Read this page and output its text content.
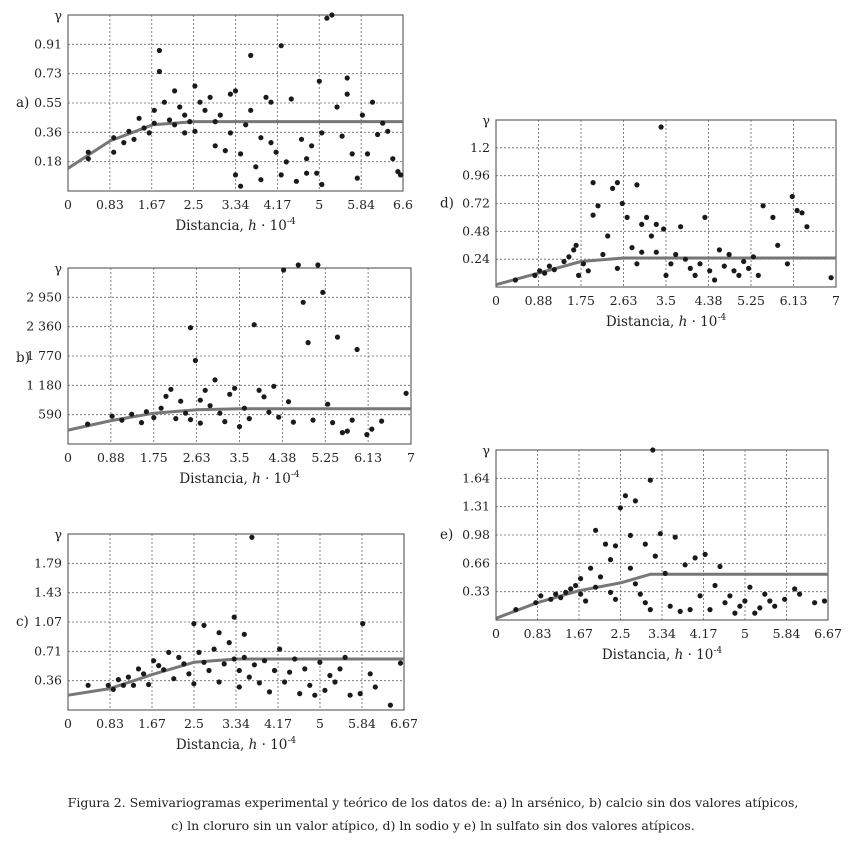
0 0.83 1.67 2.5 3.34 4.17 5 5.84 6.6
0.18
0.36
0.55
0.73
0.91
γ
a)
Distancia, $h \cdot 10^{-4}$
0 0.88 1.75 2.63 3.5 4.38 5.25 6.13 7
590
1 180
1 770
2 360
2 950
γ
b)
Distancia, $h \cdot 10^{-4}$
0 0.83 1.67 2.5 3.34 4.17 5 5.84 6.67
0.36
0.71
1.07
1.43
1.79
γ
c)
Distancia, $h \cdot 10^{-4}$
0 0.88 1.75 2.63 3.5 4.38 5.25 6.13 7
0.24
0.48
0.72
0.96
1.2
γ
d)
Distancia, $h \cdot 10^{-4}$
0 0.83 1.67 2.5 3.34 4.17 5 5.84 6.67
0.33
0.66
0.98
1.31
1.64
γ
e)
Distancia, $h \cdot 10^{-4}$
Figura 2. Semivariogramas experimental y teórico de los datos de: a) ln arsénico, b) calcio sin dos valores atípicos,
c) ln cloruro sin un valor atípico, d) ln sodio y e) ln sulfato sin dos valores atípicos.
